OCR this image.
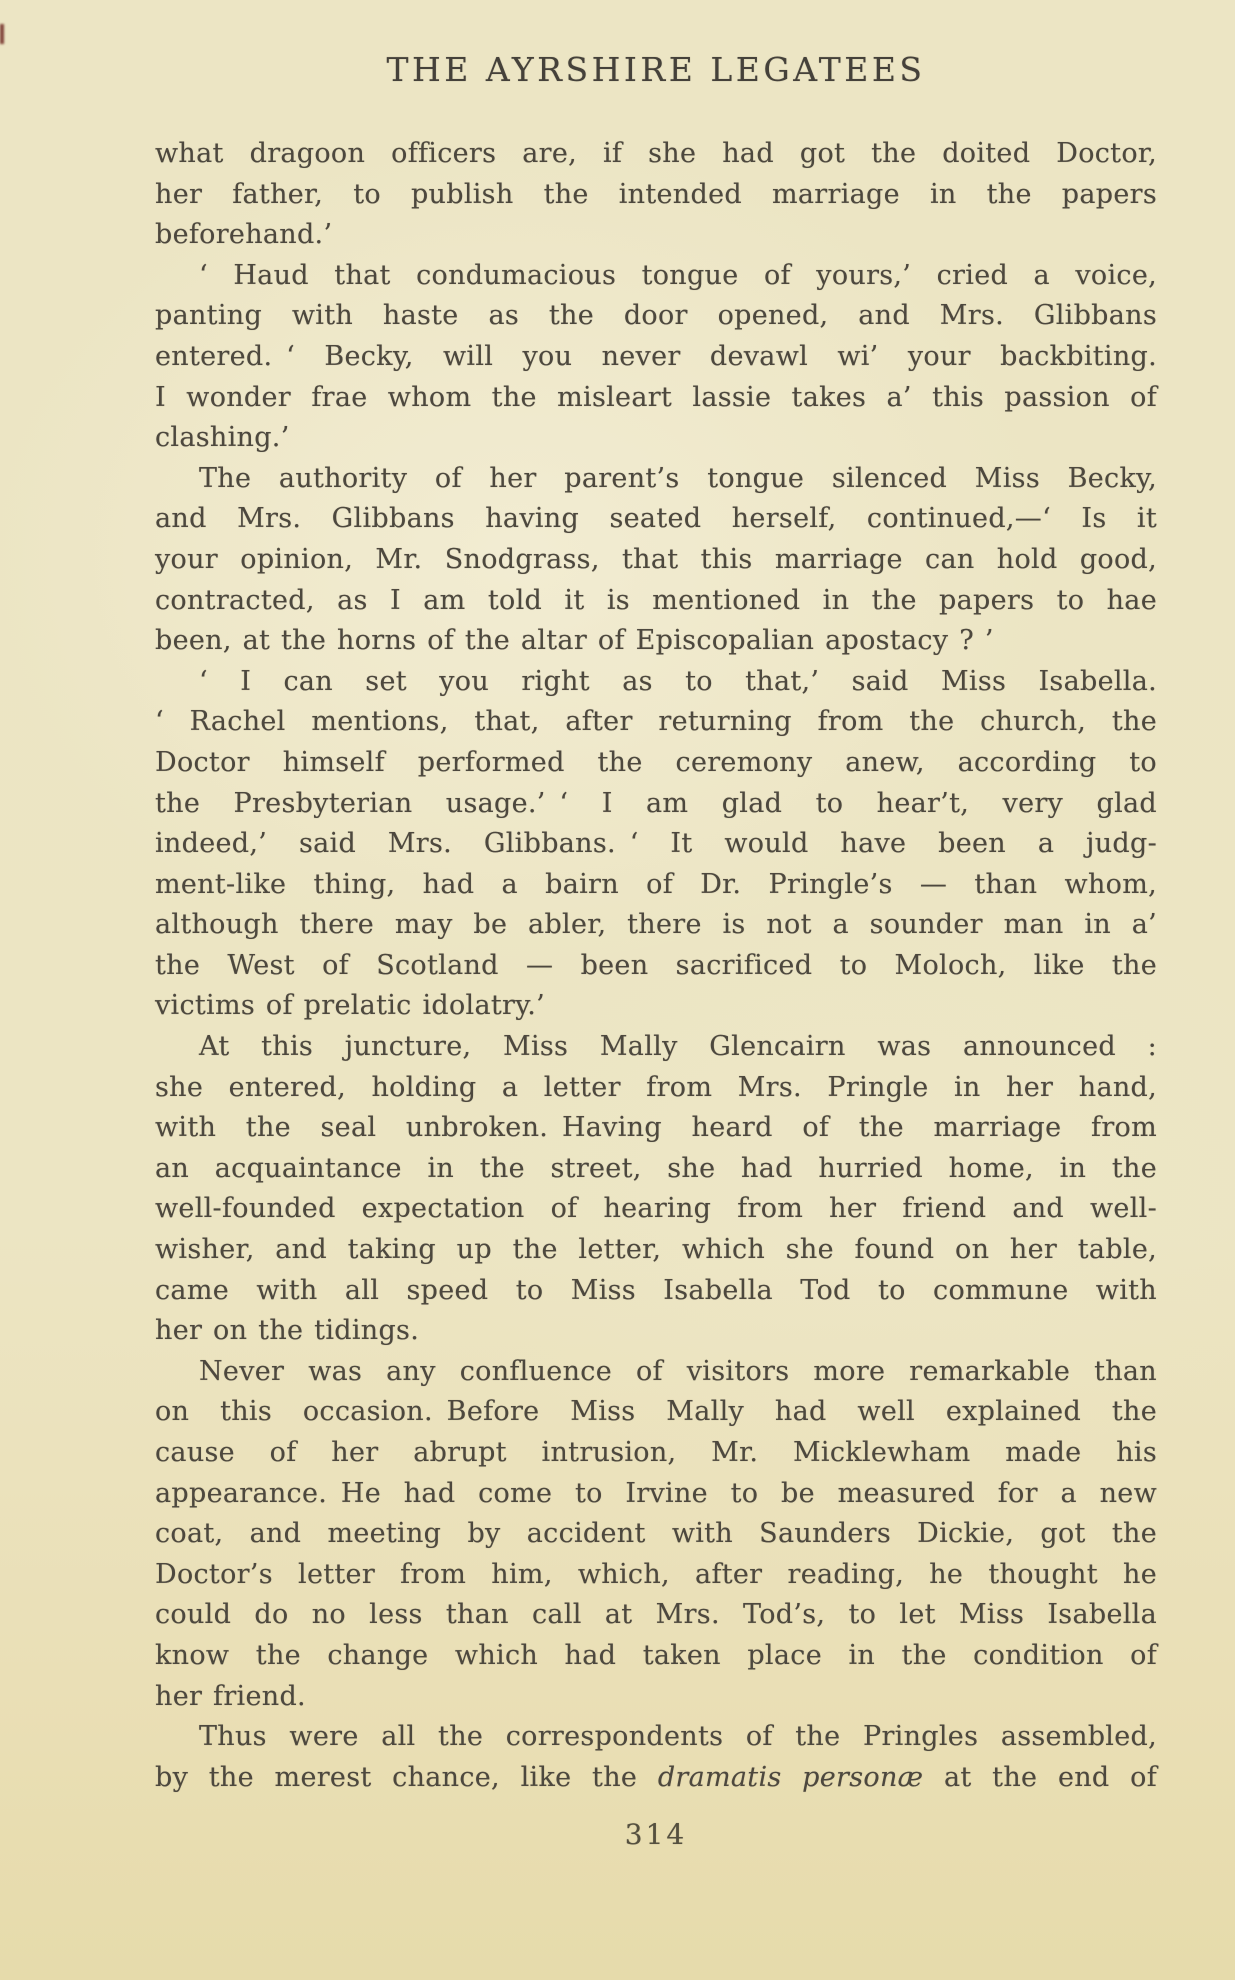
THE AYRSHIRE LEGATEES
what dragoon officers are, if she had got the doited Doctor,
her father, to publish the intended marriage in the papers
beforehand.’
‘ Haud that condumacious tongue of yours,’ cried a voice,
panting with haste as the door opened, and Mrs. Glibbans
entered. ‘ Becky, will you never devawl wi’ your backbiting.
I wonder frae whom the misleart lassie takes a’ this passion of
clashing.’
The authority of her parent’s tongue silenced Miss Becky,
and Mrs. Glibbans having seated herself, continued,—‘ Is it
your opinion, Mr. Snodgrass, that this marriage can hold good,
contracted, as I am told it is mentioned in the papers to hae
been, at the horns of the altar of Episcopalian apostacy ? ’
‘ I can set you right as to that,’ said Miss Isabella.
‘ Rachel mentions, that, after returning from the church, the
Doctor himself performed the ceremony anew, according to
the Presbyterian usage.’ ‘ I am glad to hear’t, very glad
indeed,’ said Mrs. Glibbans. ‘ It would have been a judg-
ment-like thing, had a bairn of Dr. Pringle’s — than whom,
although there may be abler, there is not a sounder man in a’
the West of Scotland — been sacrificed to Moloch, like the
victims of prelatic idolatry.’
At this juncture, Miss Mally Glencairn was announced :
she entered, holding a letter from Mrs. Pringle in her hand,
with the seal unbroken. Having heard of the marriage from
an acquaintance in the street, she had hurried home, in the
well-founded expectation of hearing from her friend and well-
wisher, and taking up the letter, which she found on her table,
came with all speed to Miss Isabella Tod to commune with
her on the tidings.
Never was any confluence of visitors more remarkable than
on this occasion. Before Miss Mally had well explained the
cause of her abrupt intrusion, Mr. Micklewham made his
appearance. He had come to Irvine to be measured for a new
coat, and meeting by accident with Saunders Dickie, got the
Doctor’s letter from him, which, after reading, he thought he
could do no less than call at Mrs. Tod’s, to let Miss Isabella
know the change which had taken place in the condition of
her friend.
Thus were all the correspondents of the Pringles assembled,
by the merest chance, like the dramatis personæ at the end of
314
